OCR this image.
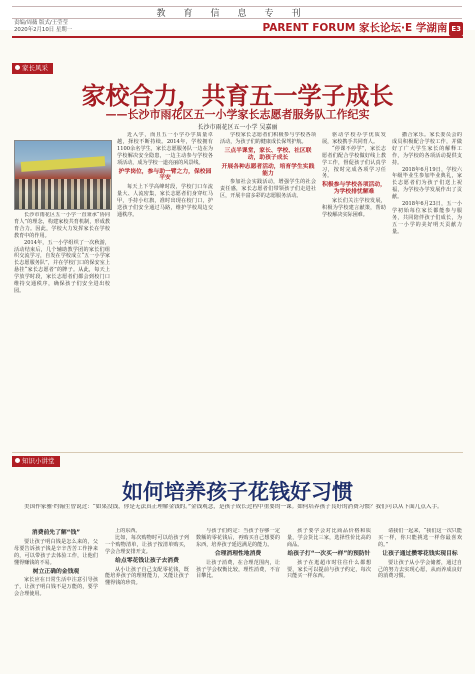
教育信息专刊
责编/周薇 版式/王莹莹
2020年2月10日 星期一	PARENT FORUM 家长论坛·E 学湖南 E3
家长风采
家校合力，共育五一学子成长
——长沙市雨花区五一小学家长志愿者服务队工作纪实
长沙市雨花区五一小学 吴嘉丽

长沙市雨花区五一小学一直秉承“协同育人”的理念，构建家校共育机制，形成教育合力。因此，学校大力发挥家长在学校教育中的作用。

2014年，五一小学组织了一次秋游，活动结束后，几个辅助教学团的家长们组织交流学习，自发在学校成立“五一小学家长志愿服务队”，并在学校门口的保安室上悬挂“家长志愿者”的牌子。从此，每天上学放学时段，家长志愿者们都会到校门口维持交通秩序，确保孩子们安全进出校园。

近入学，而且五一小学办学质量卓越，择校不断持续。2014年，学校拥有1100余名学生，家长志愿服务队一边在为学校解决安全隐患，一边主动参与学校各项活动，成为学校一道亮丽的风景线。

护学岗位，参与助一臂之力，保校园平安

每天上下学高峰时段，学校门口车流量大、人流密集，家长志愿者们身穿红马甲，手持小红旗，准时出现在校门口，护送孩子们安全通过马路，维护学校周边交通秩序。

学校家长志愿者们积极参与学校各项活动，为孩子们的健康成长保驾护航。

三点半课堂，家长、学校、社区联动，助孩子成长
开展各种志愿者活动，培育学生实践能力

参加社会实践活动，增强学生的社会责任感，家长志愿者们带领孩子们走进社区，开展丰富多彩的志愿服务活动。

驱动学校办学优质发展，家校携手共同育人。

“停课不停学”，家长志愿者们配合学校做好线上教学工作，督促孩子们认真学习，按时完成各项学习任务。

积极参与学校各项活动，为学校排忧解难

家长们关注学校发展，积极为学校建言献策，帮助学校解决实际困难。

撒合家乐。家长委员会的成员积极配合学校工作，并做好了广大学生家长的解释工作，为学校的各项活动提供支持。

2018年6月19日，学校六年级毕业生参加毕业典礼，家长志愿者们为孩子们送上祝福，为学校办学发展作出了贡献。

2018年6月23日，五一小学初始每位家长都能参与服务，共同陪伴孩子们成长，为五一小学的美好明天贡献力量。

知识小讲堂
如何培养孩子花钱好习惯

美国作家雅·约翰生曾说过：“如果没钱，你是无法真正理解金钱的。”金钱观念，是孩子成长过程中重要的一课。如何培养孩子良好的消费习惯？我们可以从下面几点入手。

消费前先了解“钱”

要让孩子明白钱是怎么来的，父母要告诉孩子钱是辛辛苦苦工作挣来的，可以带孩子去体验工作，让他们懂得赚钱的不易。

树立正确的金钱观

家长应在日常生活中注意引导孩子，让孩子明白钱不是万能的，要学会合理使用。

上的东西。

比如，每次购物时可以给孩子列一个购物清单，让孩子按清单购买，学会合理安排开支。

给点零花钱让孩子去消费

从小让孩子自己支配零花钱，既能培养孩子的理财能力，又能让孩子懂得钱的珍贵。

与孩子们约定：当孩子存够一定数额的零花钱后，再购买自己想要的东西，培养孩子延迟满足的能力。

合理消理性地消费

让孩子消费，在合理范围内，让孩子学会权衡比较，理性消费，不盲目攀比。

孩子要学会对比商品价格和质量，学会货比三家，选择性价比高的商品。

给孩子打“一次买一样”的预防针

孩子在逛超市时往往什么都想要，家长可以提前与孩子约定，每次只能买一样东西。

请我们一起来，“我们这一次只能买一样，你只能挑选一样你最喜欢的。”

让孩子通过攒零花钱实现目标

要让孩子从小学会储蓄，通过自己的努力去实现心愿，从而养成良好的消费习惯。
